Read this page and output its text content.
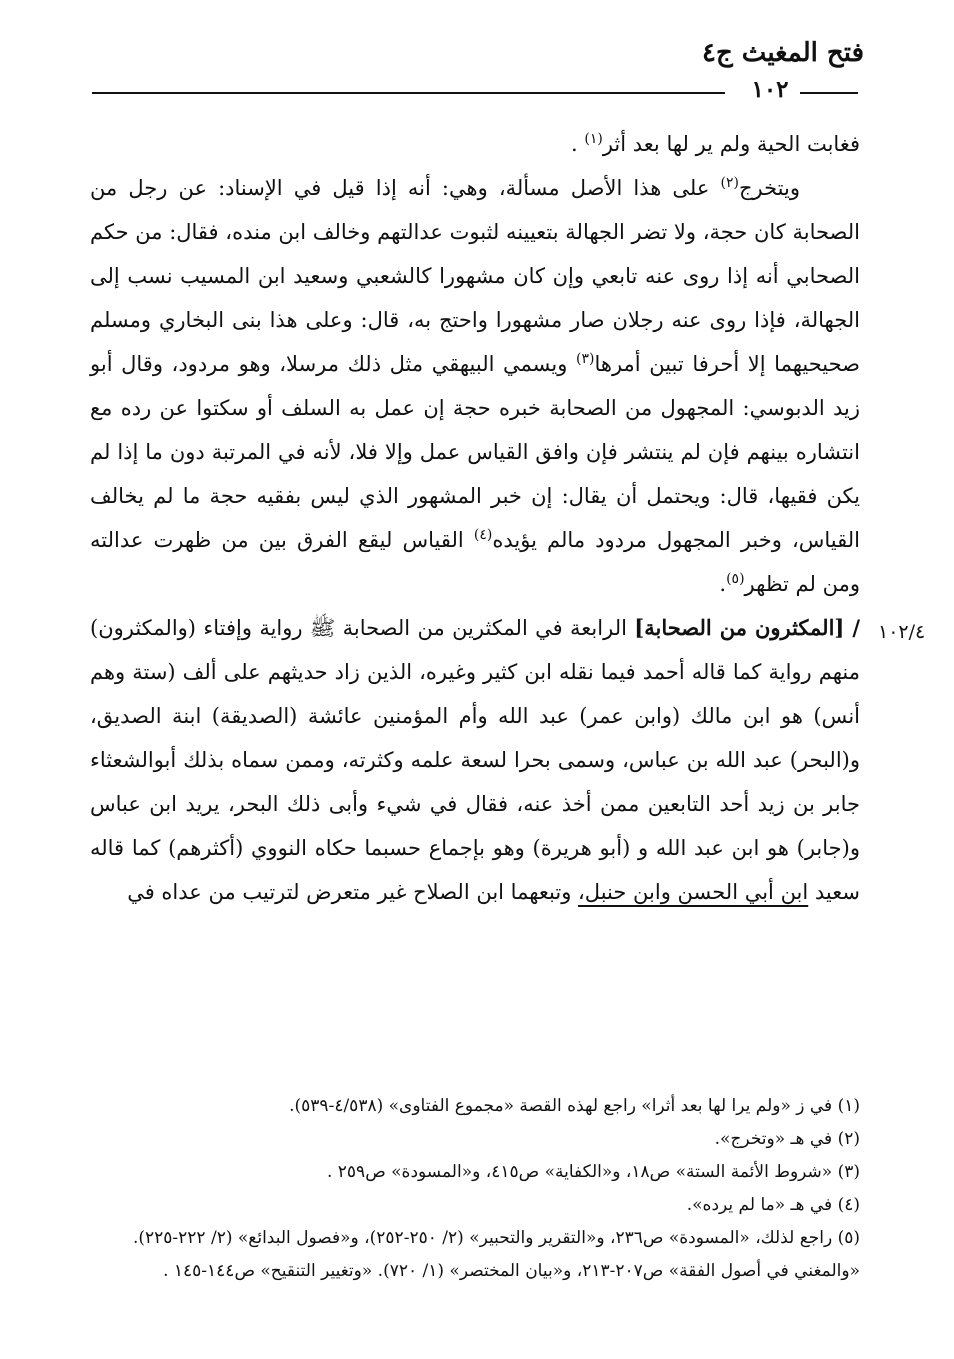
فتح المغيث ج٤
١٠٢

فغابت الحية ولم ير لها بعد أثر$^{(١)}$ .

ويتخرج$^{(٢)}$ على هذا الأصل مسألة، وهي: أنه إذا قيل في الإسناد: عن رجل من الصحابة كان حجة، ولا تضر الجهالة بتعيينه لثبوت عدالتهم وخالف ابن منده، فقال: من حكم الصحابي أنه إذا روى عنه تابعي وإن كان مشهورا كالشعبي وسعيد ابن المسيب نسب إلى الجهالة، فإذا روى عنه رجلان صار مشهورا واحتج به، قال: وعلى هذا بنى البخاري ومسلم صحيحيهما إلا أحرفا تبين أمرها$^{(٣)}$ ويسمي البيهقي مثل ذلك مرسلا، وهو مردود، وقال أبو زيد الدبوسي: المجهول من الصحابة خبره حجة إن عمل به السلف أو سكتوا عن رده مع انتشاره بينهم فإن لم ينتشر فإن وافق القياس عمل وإلا فلا، لأنه في المرتبة دون ما إذا لم يكن فقيها، قال: ويحتمل أن يقال: إن خبر المشهور الذي ليس بفقيه حجة ما لم يخالف القياس، وخبر المجهول مردود مالم يؤيده$^{(٤)}$ القياس ليقع الفرق بين من ظهرت عدالته ومن لم تظهر$^{(٥)}$.

١٠٢/٤
/ [المكثرون من الصحابة] الرابعة في المكثرين من الصحابة ﷺ رواية وإفتاء (والمكثرون) منهم رواية كما قاله أحمد فيما نقله ابن كثير وغيره، الذين زاد حديثهم على ألف (ستة وهم أنس) هو ابن مالك (وابن عمر) عبد الله وأم المؤمنين عائشة (الصديقة) ابنة الصديق، و(البحر) عبد الله بن عباس، وسمى بحرا لسعة علمه وكثرته، وممن سماه بذلك أبوالشعثاء جابر بن زيد أحد التابعين ممن أخذ عنه، فقال في شيء وأبى ذلك البحر، يريد ابن عباس و(جابر) هو ابن عبد الله و (أبو هريرة) وهو بإجماع حسبما حكاه النووي (أكثرهم) كما قاله سعيد ابن أبي الحسن وابن حنبل، وتبعهما ابن الصلاح غير متعرض لترتيب من عداه في

(١) في ز «ولم يرا لها بعد أثرا» راجع لهذه القصة «مجموع الفتاوى» (٤/٥٣٨-٥٣٩).

(٢) في هـ «وتخرج».

(٣) «شروط الأئمة الستة» ص١٨، و«الكفاية» ص٤١٥، و«المسودة» ص٢٥٩ .

(٤) في هـ «ما لم يرده».

(٥) راجع لذلك، «المسودة» ص٢٣٦، و«التقرير والتحبير» (٢/ ٢٥٠-٢٥٢)، و«فصول البدائع» (٢/ ٢٢٢-٢٢٥). «والمغني في أصول الفقة» ص٢٠٧-٢١٣، و«بيان المختصر» (١/ ٧٢٠). «وتغيير التنقيح» ص١٤٤-١٤٥ .
